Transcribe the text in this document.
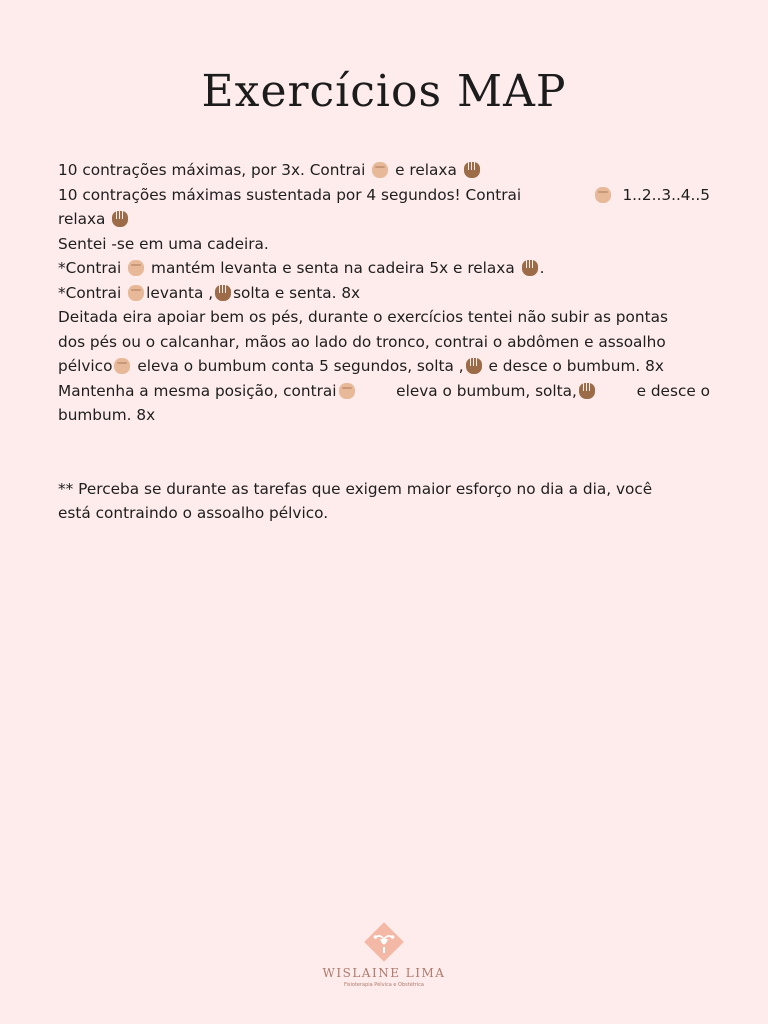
Exercícios MAP
10 contrações máximas, por 3x. Contrai e relaxa
10 contrações máximas sustentada por 4 segundos! Contrai	1..2..3..4..5
relaxa
Sentei -se em uma cadeira.
*Contrai mantém levanta e senta na cadeira 5x e relaxa .
*Contrai levanta , solta e senta. 8x
Deitada eira apoiar bem os pés, durante o exercícios tentei não subir as pontas
dos pés ou o calcanhar, mãos ao lado do tronco, contrai o abdômen e assoalho
pélvico eleva o bumbum conta 5 segundos, solta , e desce o bumbum. 8x
Mantenha a mesma posição, contrai	eleva o bumbum, solta,	e desce o
bumbum. 8x
** Perceba se durante as tarefas que exigem maior esforço no dia a dia, você
está contraindo o assoalho pélvico.
WISLAINE LIMA
Fisioterapia Pélvica e Obstétrica
